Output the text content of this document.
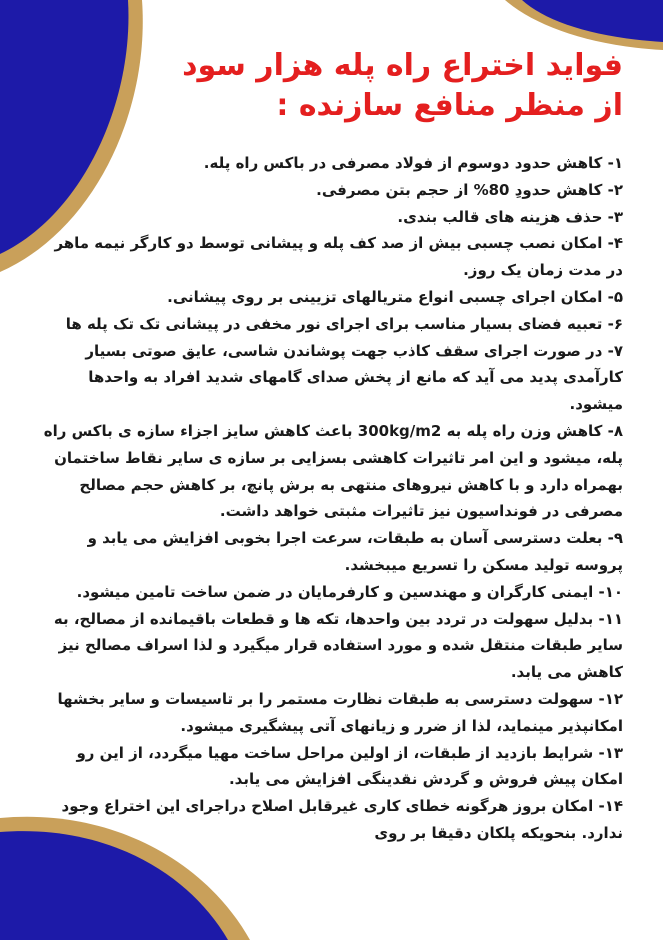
فواید اختراع راه پله هزار سود
از منظر منافع سازنده :

۱- کاهش حدود دوسوم از فولاد مصرفی در باکس راه پله.

۲- کاهش حدودِ 80% از حجم بتن مصرفی.

۳- حذف هزینه های قالب بندی.

۴- امکان نصب چسبی بیش از صد کف پله و پیشانی توسط دو کارگر نیمه ماهر در مدت زمان یک روز.

۵- امکان اجرای چسبی انواع متریالهای تزیینی بر روی پیشانی.

۶- تعبیه فضای بسیار مناسب برای اجرای نور مخفی در پیشانی تک تک پله ها

۷- در صورت اجرای سقف کاذب جهت پوشاندن شاسی، عایق صوتی بسیار کارآمدی پدید می آید که مانع از پخش صدای گامهای شدید افراد به واحدها میشود.

۸- کاهش وزن راه پله به 300kg/m2 باعث کاهش سایز اجزاء سازه ی باکس راه پله، میشود و این امر تاثیرات کاهشی بسزایی بر سازه ی سایر نقاط ساختمان بهمراه دارد و با کاهش نیروهای منتهی به برش پانچ، بر کاهش حجم مصالح مصرفی در فونداسیون نیز تاثیرات مثبتی خواهد داشت.

۹- بعلت دسترسی آسان به طبقات، سرعت اجرا بخوبی افزایش می یابد و پروسه تولید مسکن را تسریع میبخشد.

۱۰- ایمنی کارگران و مهندسین و کارفرمایان در ضمن ساخت تامین میشود.

۱۱- بدلیل سهولت در تردد بین واحدها، تکه ها و قطعات باقیمانده از مصالح، به سایر طبقات منتقل شده و مورد استفاده قرار میگیرد و لذا اسراف مصالح نیز کاهش می یابد.

۱۲- سهولت دسترسی به طبقات نظارت مستمر را بر تاسیسات و سایر بخشها امکانپذیر مینماید، لذا از ضرر و زیانهای آتی پیشگیری میشود.

۱۳- شرایط بازدید از طبقات، از اولین مراحل ساخت مهیا میگردد، از این رو امکان پیش فروش و گردش نقدینگی افزایش می یابد.

۱۴- امکان بروز هرگونه خطای کاری غیرقابل اصلاح دراجرای این اختراع وجود ندارد. بنحویکه پلکان دقیقا بر روی
